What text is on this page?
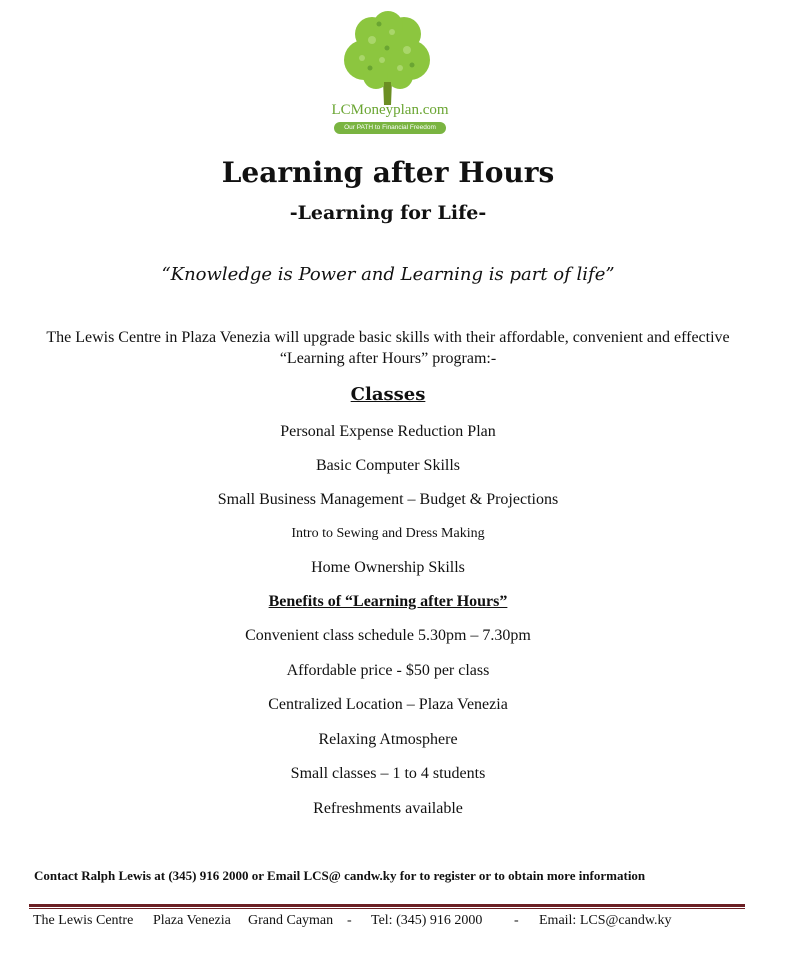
LCMoneyplan.com
Our PATH to Financial Freedom
Learning after Hours
-Learning for Life-
“Knowledge is Power and Learning is part of life”
The Lewis Centre in Plaza Venezia will upgrade basic skills with their affordable, convenient and effective
“Learning after Hours” program:-
Classes
Personal Expense Reduction Plan
Basic Computer Skills
Small Business Management – Budget & Projections
Intro to Sewing and Dress Making
Home Ownership Skills
Benefits of “Learning after Hours”
Convenient class schedule 5.30pm – 7.30pm
Affordable price - $50 per class
Centralized Location – Plaza Venezia
Relaxing Atmosphere
Small classes – 1 to 4 students
Refreshments available
Contact Ralph Lewis at (345) 916 2000 or Email LCS@ candw.ky for to register or to obtain more information
The Lewis Centre Plaza Venezia Grand Cayman - Tel: (345) 916 2000 - Email: LCS@candw.ky
